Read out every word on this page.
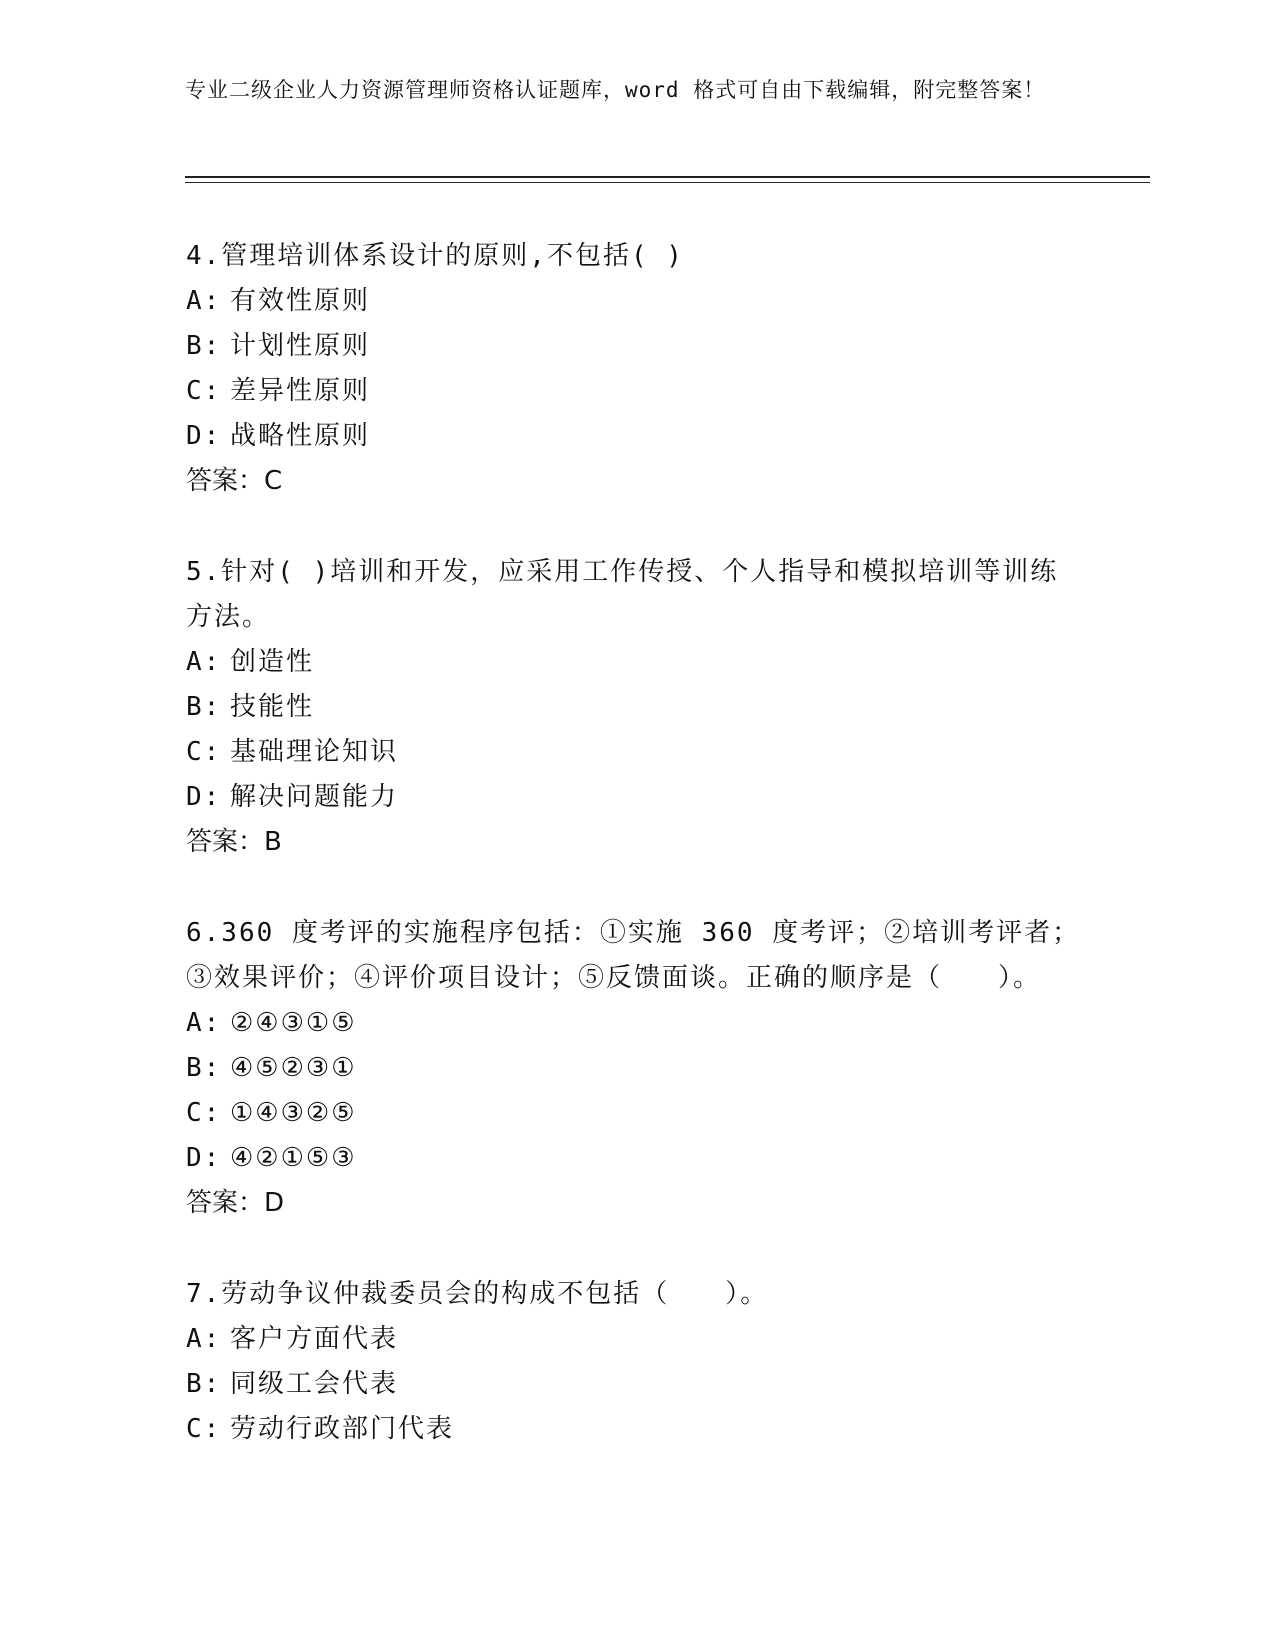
专业二级企业人力资源管理师资格认证题库，word 格式可自由下载编辑，附完整答案！
4.管理培训体系设计的原则,不包括( )
A: 有效性原则
B: 计划性原则
C: 差异性原则
D: 战略性原则
答案：C
5.针对( )培训和开发，应采用工作传授、个人指导和模拟培训等训练方法。
A: 创造性
B: 技能性
C: 基础理论知识
D: 解决问题能力
答案：B
6.360 度考评的实施程序包括：①实施 360 度考评；②培训考评者；③效果评价；④评价项目设计；⑤反馈面谈。正确的顺序是（　　）。
A: ②④③①⑤
B: ④⑤②③①
C: ①④③②⑤
D: ④②①⑤③
答案：D
7.劳动争议仲裁委员会的构成不包括（　　）。
A: 客户方面代表
B: 同级工会代表
C: 劳动行政部门代表
